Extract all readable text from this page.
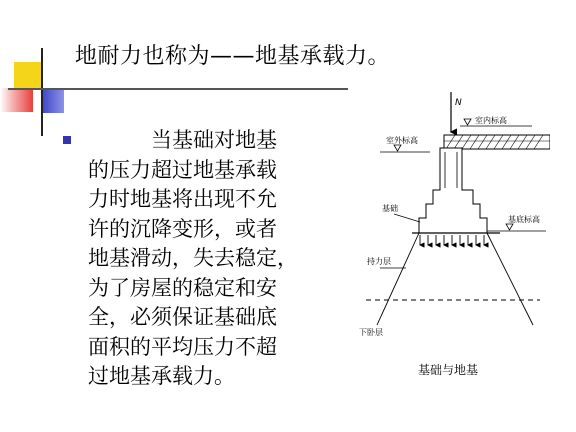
地耐力也称为——地基承载力。
当基础对地基
的压力超过地基承载
力时地基将出现不允
许的沉降变形，或者
地基滑动，失去稳定，
为了房屋的稳定和安
全，必须保证基础底
面积的平均压力不超
过地基承载力。
N
室内标高
室外标高
持力层
下卧层
基础
基底标高
基础与地基
